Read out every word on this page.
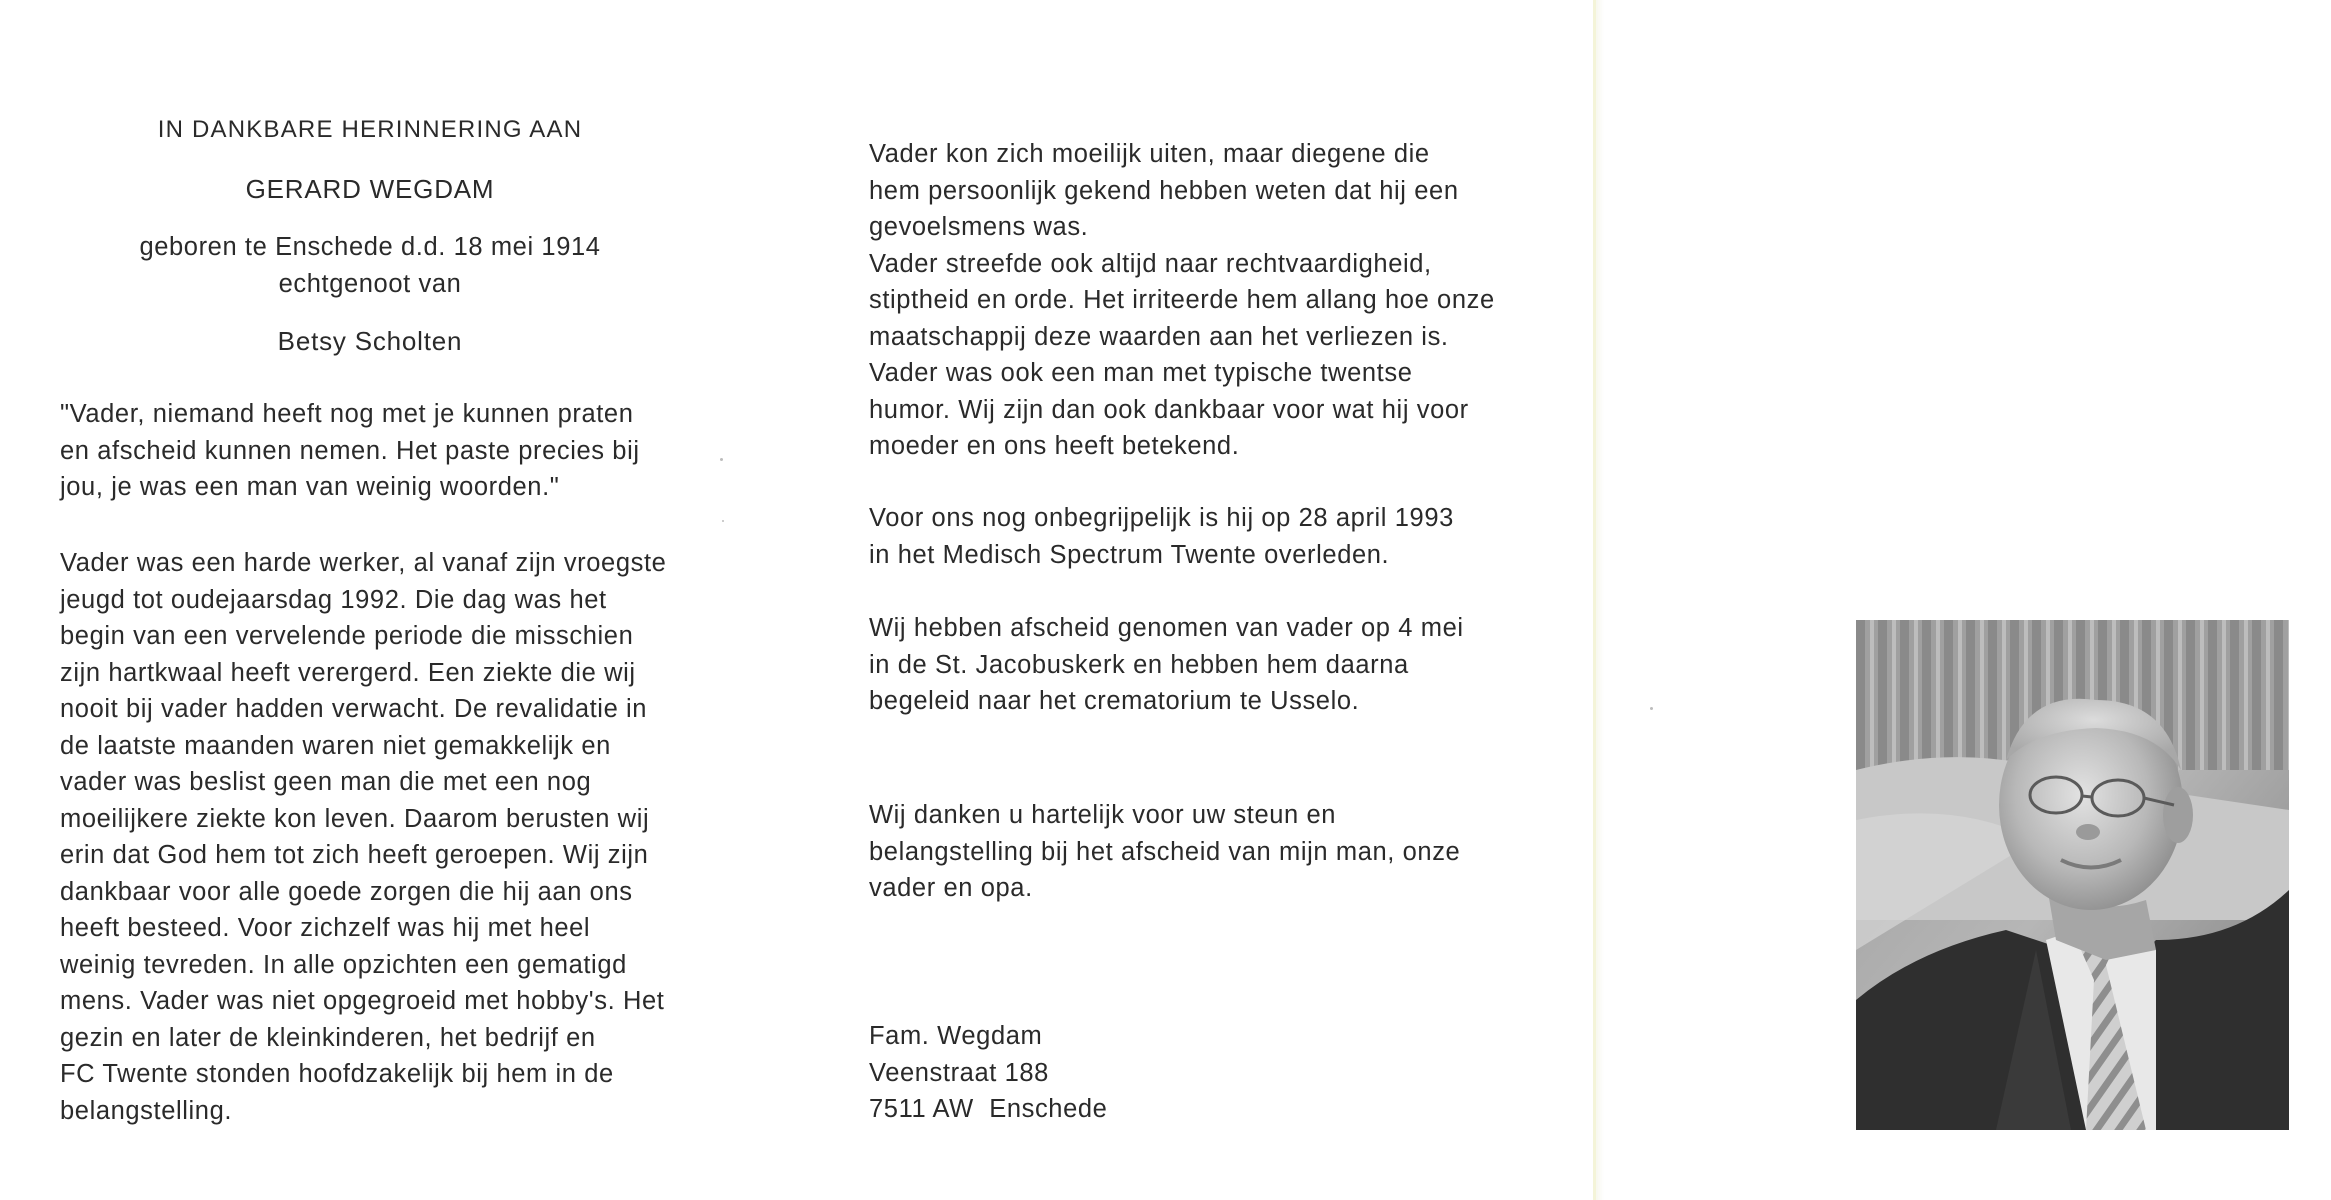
IN DANKBARE HERINNERING AAN
GERARD WEGDAM
geboren te Enschede d.d. 18 mei 1914
echtgenoot van
Betsy Scholten

"Vader, niemand heeft nog met je kunnen praten

en afscheid kunnen nemen. Het paste precies bij

jou, je was een man van weinig woorden."

Vader was een harde werker, al vanaf zijn vroegste

jeugd tot oudejaarsdag 1992. Die dag was het

begin van een vervelende periode die misschien

zijn hartkwaal heeft verergerd. Een ziekte die wij

nooit bij vader hadden verwacht. De revalidatie in

de laatste maanden waren niet gemakkelijk en

vader was beslist geen man die met een nog

moeilijkere ziekte kon leven. Daarom berusten wij

erin dat God hem tot zich heeft geroepen. Wij zijn

dankbaar voor alle goede zorgen die hij aan ons

heeft besteed. Voor zichzelf was hij met heel

weinig tevreden. In alle opzichten een gematigd

mens. Vader was niet opgegroeid met hobby's. Het

gezin en later de kleinkinderen, het bedrijf en

FC Twente stonden hoofdzakelijk bij hem in de

belangstelling.

Vader kon zich moeilijk uiten, maar diegene die

hem persoonlijk gekend hebben weten dat hij een

gevoelsmens was.

Vader streefde ook altijd naar rechtvaardigheid,

stiptheid en orde. Het irriteerde hem allang hoe onze

maatschappij deze waarden aan het verliezen is.

Vader was ook een man met typische twentse

humor. Wij zijn dan ook dankbaar voor wat hij voor

moeder en ons heeft betekend.

Voor ons nog onbegrijpelijk is hij op 28 april 1993

in het Medisch Spectrum Twente overleden.

Wij hebben afscheid genomen van vader op 4 mei

in de St. Jacobuskerk en hebben hem daarna

begeleid naar het crematorium te Usselo.

Wij danken u hartelijk voor uw steun en

belangstelling bij het afscheid van mijn man, onze

vader en opa.

Fam. Wegdam

Veenstraat 188

7511 AW  Enschede
